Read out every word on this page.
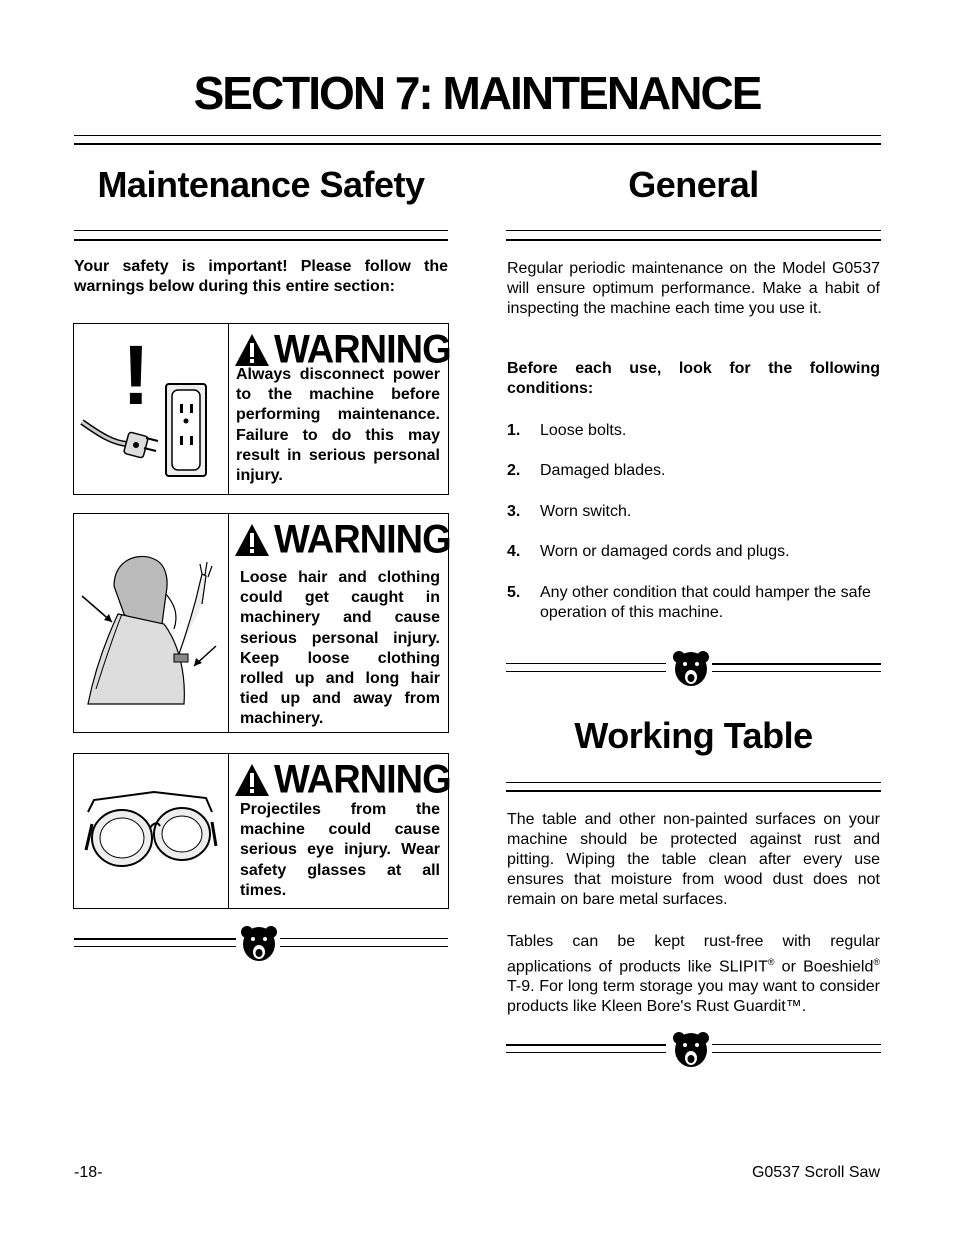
SECTION 7: MAINTENANCE
Maintenance Safety

Your safety is important! Please follow the warnings below during this entire section:

!	WARNING

Always disconnect power to the machine before performing maintenance. Failure to do this may result in serious personal injury.

WARNING

Loose hair and clothing could get caught in machinery and cause serious personal injury. Keep loose clothing rolled up and long hair tied up and away from machinery.

WARNING

Projectiles from the machine could cause serious eye injury. Wear safety glasses at all times.

General

Regular periodic maintenance on the Model G0537 will ensure optimum performance. Make a habit of inspecting the machine each time you use it.

Before each use, look for the following conditions:

1. Loose bolts.
2. Damaged blades.
3. Worn switch.
4. Worn or damaged cords and plugs.
5. Any other condition that could hamper the safe operation of this machine.
Working Table

The table and other non-painted surfaces on your machine should be protected against rust and pitting. Wiping the table clean after every use ensures that moisture from wood dust does not remain on bare metal surfaces.

Tables can be kept rust-free with regular applications of products like SLIPIT® or Boeshield® T-9. For long term storage you may want to consider products like Kleen Bore's Rust Guardit™.

-18-	G0537 Scroll Saw
